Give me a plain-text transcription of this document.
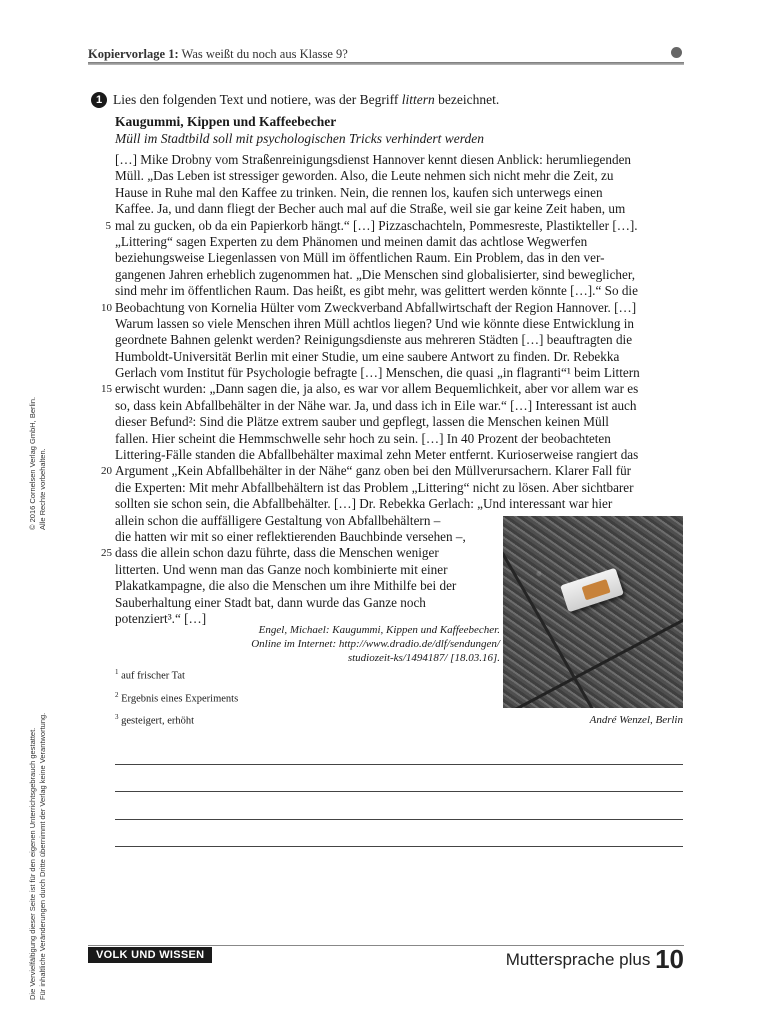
Kopiervorlage 1: Was weißt du noch aus Klasse 9?
1 Lies den folgenden Text und notiere, was der Begriff littern bezeichnet.
Kaugummi, Kippen und Kaffeebecher
Müll im Stadtbild soll mit psychologischen Tricks verhindert werden
[…] Mike Drobny vom Straßenreinigungsdienst Hannover kennt diesen Anblick: herumliegenden
Müll. „Das Leben ist stressiger geworden. Also, die Leute nehmen sich nicht mehr die Zeit, zu
Hause in Ruhe mal den Kaffee zu trinken. Nein, die rennen los, kaufen sich unterwegs einen
Kaffee. Ja, und dann fliegt der Becher auch mal auf die Straße, weil sie gar keine Zeit haben, um
5 mal zu gucken, ob da ein Papierkorb hängt.“ […] Pizzaschachteln, Pommesreste, Plastikteller […].
„Littering“ sagen Experten zu dem Phänomen und meinen damit das achtlose Wegwerfen
beziehungsweise Liegenlassen von Müll im öffentlichen Raum. Ein Problem, das in den ver-
gangenen Jahren erheblich zugenommen hat. „Die Menschen sind globalisierter, sind beweglicher,
sind mehr im öffentlichen Raum. Das heißt, es gibt mehr, was gelittert werden könnte […].“ So die
10 Beobachtung von Kornelia Hülter vom Zweckverband Abfallwirtschaft der Region Hannover. […]
Warum lassen so viele Menschen ihren Müll achtlos liegen? Und wie könnte diese Entwicklung in
geordnete Bahnen gelenkt werden? Reinigungsdienste aus mehreren Städten […] beauftragten die
Humboldt-Universität Berlin mit einer Studie, um eine saubere Antwort zu finden. Dr. Rebekka
Gerlach vom Institut für Psychologie befragte […] Menschen, die quasi „in flagranti“¹ beim Littern
15 erwischt wurden: „Dann sagen die, ja also, es war vor allem Bequemlichkeit, aber vor allem war es
so, dass kein Abfallbehälter in der Nähe war. Ja, und dass ich in Eile war.“ […] Interessant ist auch
dieser Befund²: Sind die Plätze extrem sauber und gepflegt, lassen die Menschen keinen Müll
fallen. Hier scheint die Hemmschwelle sehr hoch zu sein. […] In 40 Prozent der beobachteten
Littering-Fälle standen die Abfallbehälter maximal zehn Meter entfernt. Kurioserweise rangiert das
20 Argument „Kein Abfallbehälter in der Nähe“ ganz oben bei den Müllverursachern. Klarer Fall für
die Experten: Mit mehr Abfallbehältern ist das Problem „Littering“ nicht zu lösen. Aber sichtbarer
sollten sie schon sein, die Abfallbehälter. […] Dr. Rebekka Gerlach: „Und interessant war hier
allein schon die auffälligere Gestaltung von Abfallbehältern –
die hatten wir mit so einer reflektierenden Bauchbinde versehen –,
25 dass die allein schon dazu führte, dass die Menschen weniger
litterten. Und wenn man das Ganze noch kombinierte mit einer
Plakatkampagne, die also die Menschen um ihre Mithilfe bei der
Sauberhaltung einer Stadt bat, dann wurde das Ganze noch
potenziert³.“ […]
André Wenzel, Berlin
Engel, Michael: Kaugummi, Kippen und Kaffeebecher.
Online im Internet: http://www.dradio.de/dlf/sendungen/
studiozeit-ks/1494187/ [18.03.16].
$^1$ auf frischer Tat
$^2$ Ergebnis eines Experiments
$^3$ gesteigert, erhöht
© 2016 Cornelsen Verlag GmbH, Berlin. Alle Rechte vorbehalten.
Die Vervielfältigung dieser Seite ist für den eigenen Unterrichtsgebrauch gestattet. Für inhaltliche Veränderungen durch Dritte übernimmt der Verlag keine Verantwortung.	VOLK UND WISSEN	Muttersprache plus 10
